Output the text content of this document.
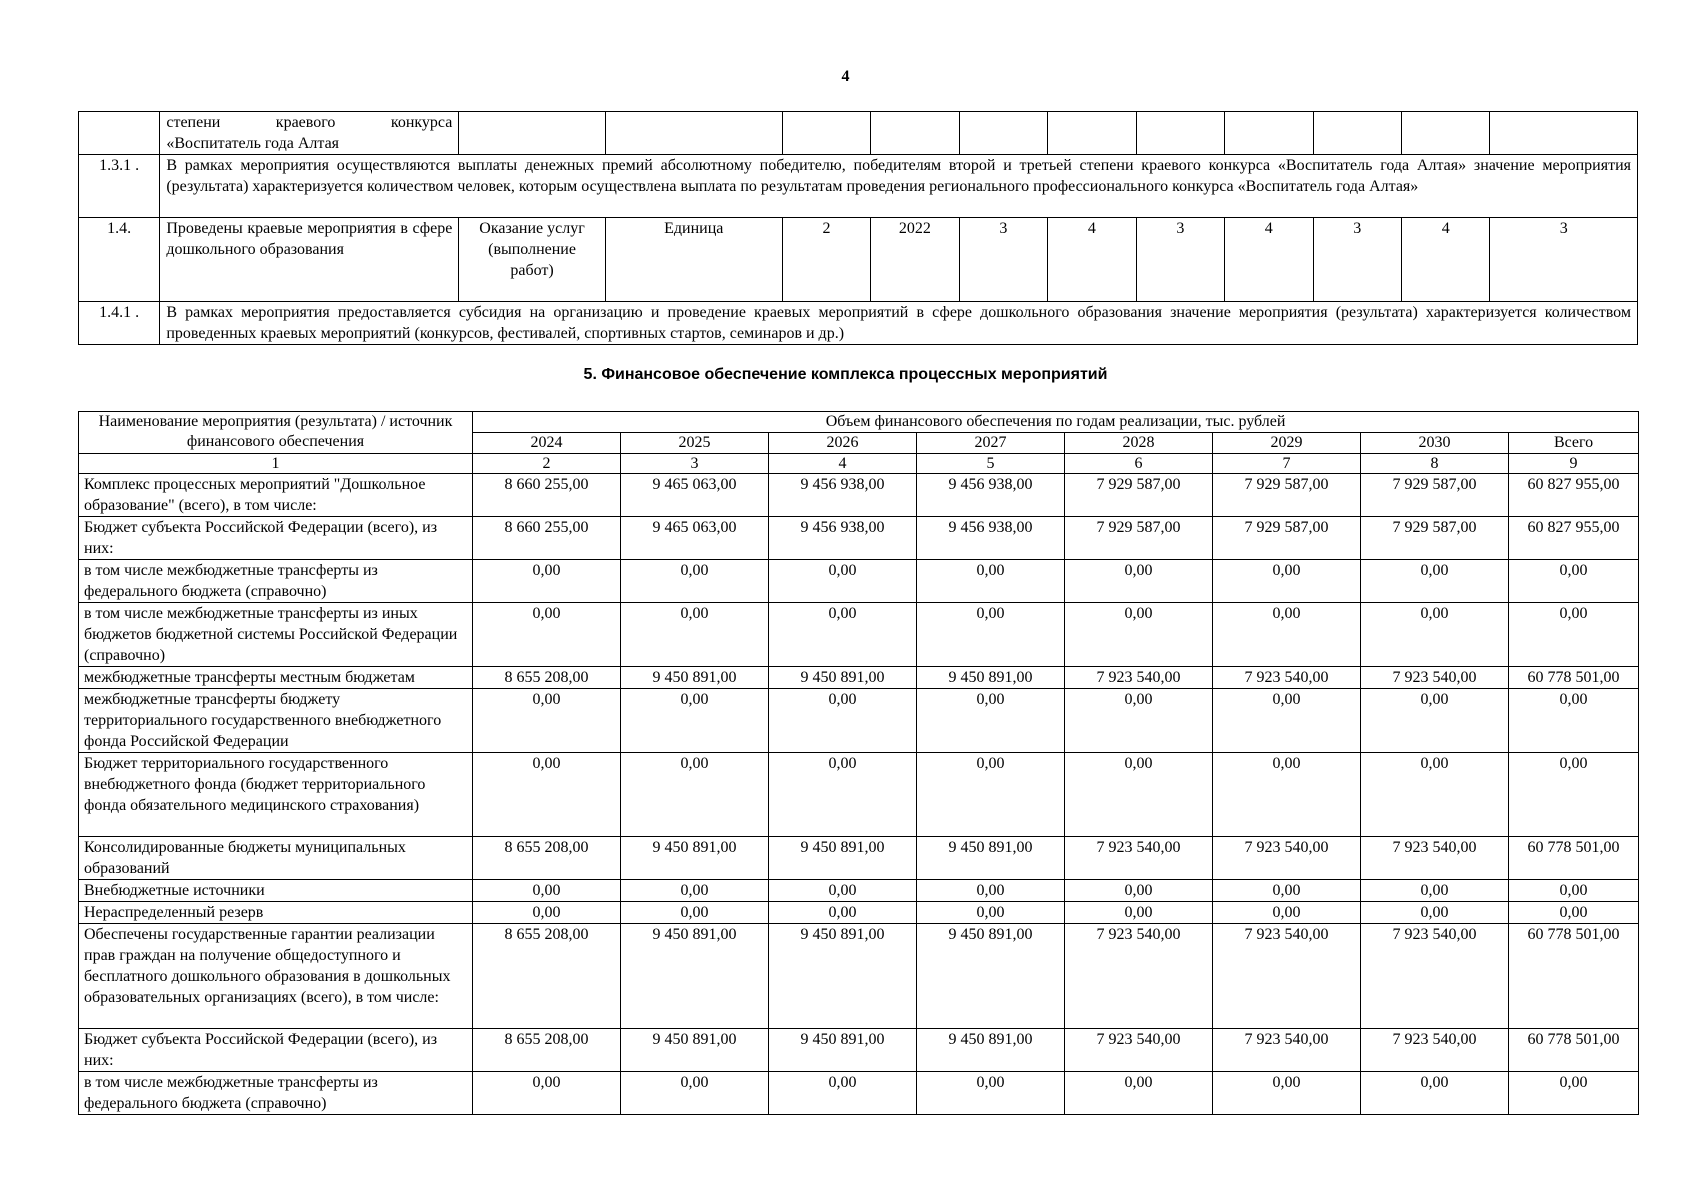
4

	степени краевого конкурса
«Воспитатель года Алтая											

1.3.1 .	В рамках мероприятия осуществляются выплаты денежных премий абсолютному победителю, победителям второй и третьей степени краевого конкурса «Воспитатель года Алтая» значение мероприятия (результата) характеризуется количеством человек, которым осуществлена выплата по результатам проведения регионального профессионального конкурса «Воспитатель года Алтая»											
1.4.	Проведены краевые мероприятия в сфере дошкольного образования	Оказание услуг (выполнение работ)	Единица	2	2022	3	4	3	4	3	4	3
1.4.1 .	В рамках мероприятия предоставляется субсидия на организацию и проведение краевых мероприятий в сфере дошкольного образования значение мероприятия (результата) характеризуется количеством проведенных краевых мероприятий (конкурсов, фестивалей, спортивных стартов, семинаров и др.)											
5. Финансовое обеспечение комплекса процессных мероприятий
Наименование мероприятия (результата) / источник финансового обеспечения	Объем финансового обеспечения по годам реализации, тыс. рублей							
	2024	2025	2026	2027	2028	2029	2030	Всего
1	2	3	4	5	6	7	8	9
Комплекс процессных мероприятий "Дошкольное образование" (всего), в том числе:	8 660 255,00	9 465 063,00	9 456 938,00	9 456 938,00	7 929 587,00	7 929 587,00	7 929 587,00	60 827 955,00
Бюджет субъекта Российской Федерации (всего), из них:	8 660 255,00	9 465 063,00	9 456 938,00	9 456 938,00	7 929 587,00	7 929 587,00	7 929 587,00	60 827 955,00
в том числе межбюджетные трансферты из федерального бюджета (справочно)	0,00	0,00	0,00	0,00	0,00	0,00	0,00	0,00
в том числе межбюджетные трансферты из иных бюджетов бюджетной системы Российской Федерации (справочно)	0,00	0,00	0,00	0,00	0,00	0,00	0,00	0,00
межбюджетные трансферты местным бюджетам	8 655 208,00	9 450 891,00	9 450 891,00	9 450 891,00	7 923 540,00	7 923 540,00	7 923 540,00	60 778 501,00
межбюджетные трансферты бюджету территориального государственного внебюджетного фонда Российской Федерации	0,00	0,00	0,00	0,00	0,00	0,00	0,00	0,00
Бюджет территориального государственного внебюджетного фонда (бюджет территориального фонда обязательного медицинского страхования)	0,00	0,00	0,00	0,00	0,00	0,00	0,00	0,00
Консолидированные бюджеты муниципальных образований	8 655 208,00	9 450 891,00	9 450 891,00	9 450 891,00	7 923 540,00	7 923 540,00	7 923 540,00	60 778 501,00
Внебюджетные источники	0,00	0,00	0,00	0,00	0,00	0,00	0,00	0,00
Нераспределенный резерв	0,00	0,00	0,00	0,00	0,00	0,00	0,00	0,00
Обеспечены государственные гарантии реализации прав граждан на получение общедоступного и бесплатного дошкольного образования в дошкольных образовательных организациях (всего), в том числе:	8 655 208,00	9 450 891,00	9 450 891,00	9 450 891,00	7 923 540,00	7 923 540,00	7 923 540,00	60 778 501,00
Бюджет субъекта Российской Федерации (всего), из них:	8 655 208,00	9 450 891,00	9 450 891,00	9 450 891,00	7 923 540,00	7 923 540,00	7 923 540,00	60 778 501,00
в том числе межбюджетные трансферты из федерального бюджета (справочно)	0,00	0,00	0,00	0,00	0,00	0,00	0,00	0,00
